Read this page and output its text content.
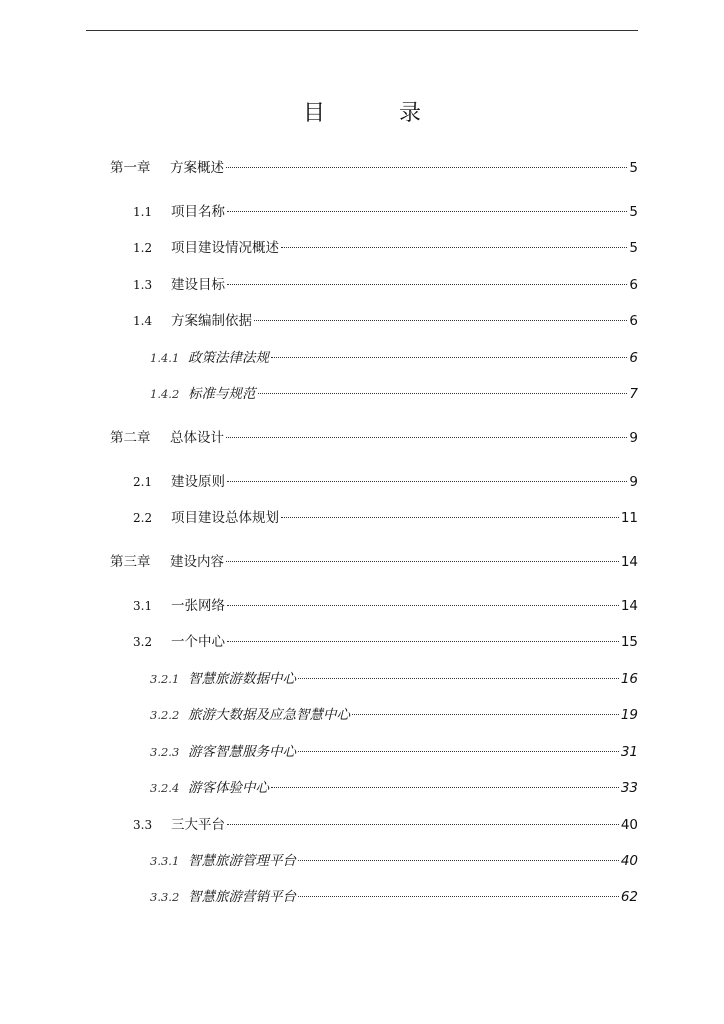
目　录
第一章	方案概述	5
1.1	项目名称	5
1.2	项目建设情况概述	5
1.3	建设目标	6
1.4	方案编制依据	6
1.4.1 政策法律法规	6
1.4.2 标准与规范	7
第二章	总体设计	9
2.1	建设原则	9
2.2	项目建设总体规划	11
第三章	建设内容	14
3.1	一张网络	14
3.2	一个中心	15
3.2.1 智慧旅游数据中心	16
3.2.2 旅游大数据及应急智慧中心	19
3.2.3 游客智慧服务中心	31
3.2.4 游客体验中心	33
3.3	三大平台	40
3.3.1 智慧旅游管理平台	40
3.3.2 智慧旅游营销平台	62
